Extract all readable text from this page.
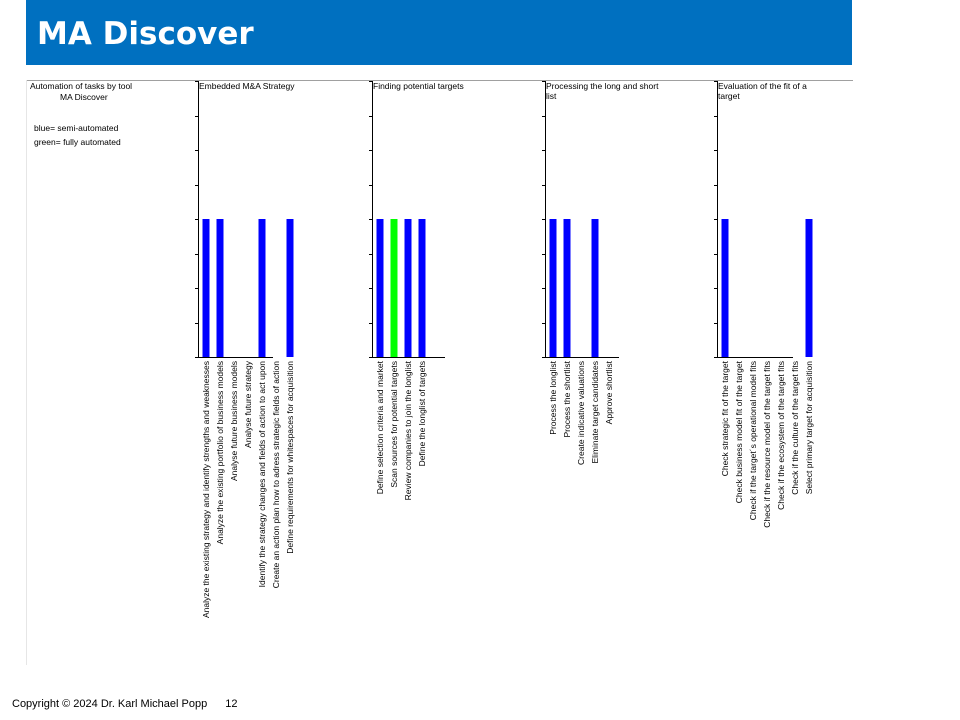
MA Discover
Automation of tasks by tool
MA Discover
blue= semi-automated
green= fully automated
Embedded M&A Strategy
Analyze the existing strategy and identify strengths and weaknesses Analyze the existing portfolio of business models Analyse future business models Analyse future strategy Identify the strategy changes and fields of action to act upon Create an action plan how to adress strategic fields of action Define requirements for whitespaces for acquisition
Finding potential targets
Define selection criteria and market Scan sources for potential targets Review companies to join the longlist Define the longlist of targets
Processing the long and short list
Process the longlist Process the shortlist Create indicative valuations Eliminate target candidates Approve shortlist
Evaluation of the fit of a target
Check strategic fit of the target Check business model fit of the target Check if the target´s operational model fits Check if the resource model of the target fits Check if the ecosystem of the target fits Check if the culture of the target fits Select primary target for acquisition
Copyright © 2024 Dr. Karl Michael Popp 12
